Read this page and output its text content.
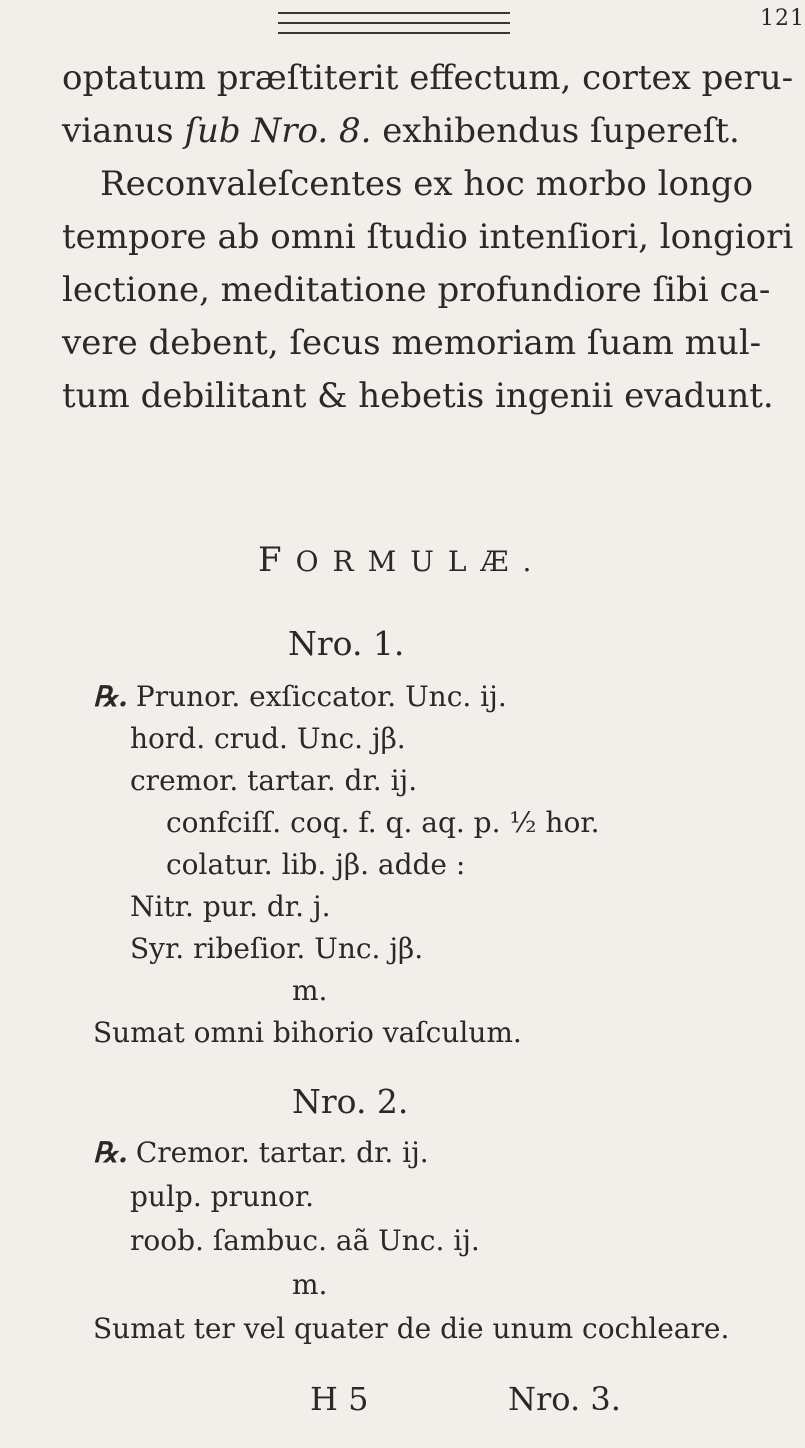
121
optatum præſtiterit effectum, cortex peru-
vianus ſub Nro. 8. exhibendus ſupereſt.
Reconvaleſcentes ex hoc morbo longo
tempore ab omni ſtudio intenſiori, longiori
lectione, meditatione profundiore ſibi ca-
vere debent, ſecus memoriam ſuam mul-
tum debilitant & hebetis ingenii evadunt.
FORMULÆ.
Nro. 1.
℞. Prunor. exſiccator. Unc. ij.
hord. crud. Unc. jβ.
cremor. tartar. dr. ij.
confciſſ. coq. f. q. aq. p. ½ hor.
colatur. lib. jβ. adde :
Nitr. pur. dr. j.
Syr. ribeſior. Unc. jβ.
m.
Sumat omni bihorio vaſculum.
Nro. 2.
℞. Cremor. tartar. dr. ij.
pulp. prunor.
roob. ſambuc. aã Unc. ij.
m.
Sumat ter vel quater de die unum cochleare.
H 5	Nro. 3.
